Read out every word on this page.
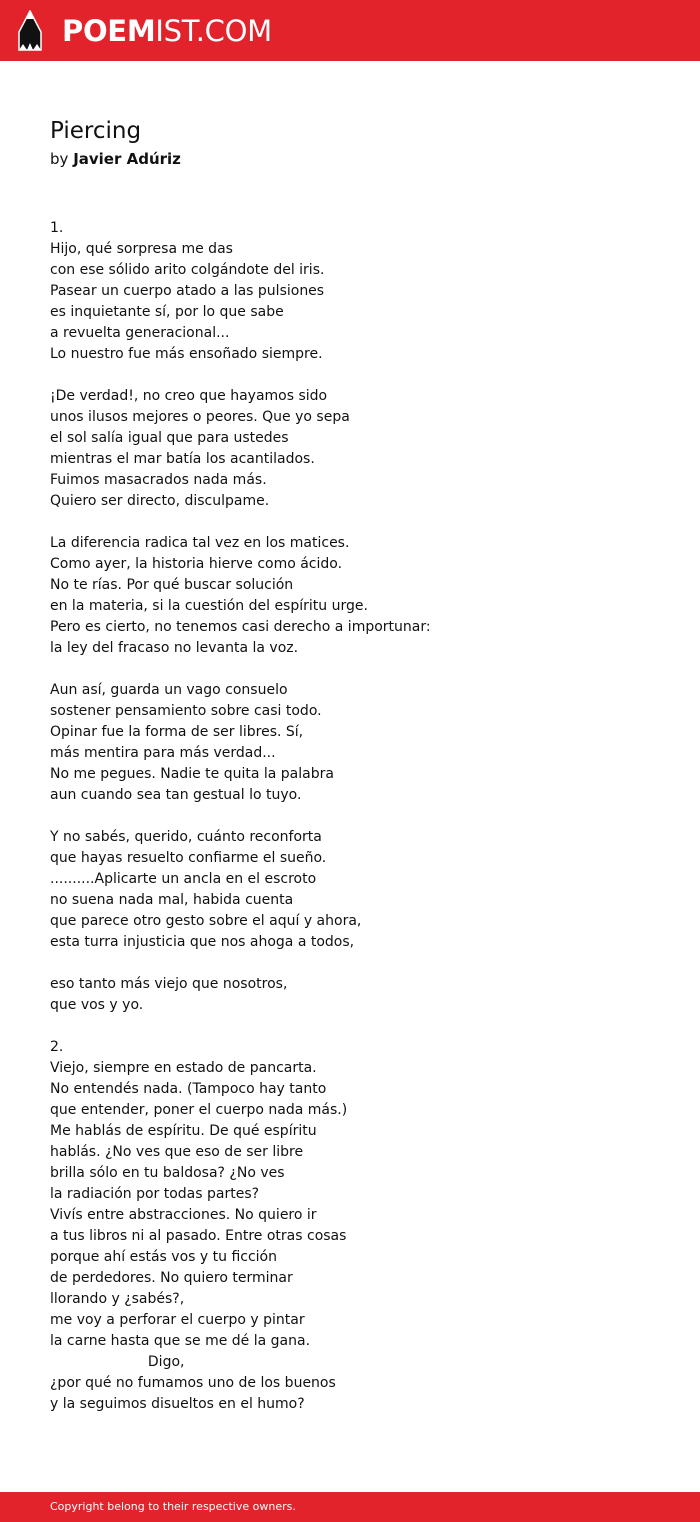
POEMIST.COM
Piercing
by Javier Adúriz
1.
Hijo, qué sorpresa me das
con ese sólido arito colgándote del iris.
Pasear un cuerpo atado a las pulsiones
es inquietante sí, por lo que sabe
a revuelta generacional...
Lo nuestro fue más ensoñado siempre.

¡De verdad!, no creo que hayamos sido
unos ilusos mejores o peores. Que yo sepa
el sol salía igual que para ustedes
mientras el mar batía los acantilados.
Fuimos masacrados nada más.
Quiero ser directo, disculpame.

La diferencia radica tal vez en los matices.
Como ayer, la historia hierve como ácido.
No te rías. Por qué buscar solución
en la materia, si la cuestión del espíritu urge.
Pero es cierto, no tenemos casi derecho a importunar:
la ley del fracaso no levanta la voz.

Aun así, guarda un vago consuelo
sostener pensamiento sobre casi todo.
Opinar fue la forma de ser libres. Sí,
más mentira para más verdad...
No me pegues. Nadie te quita la palabra
aun cuando sea tan gestual lo tuyo.

Y no sabés, querido, cuánto reconforta
que hayas resuelto confiarme el sueño.
..........Aplicarte un ancla en el escroto
no suena nada mal, habida cuenta
que parece otro gesto sobre el aquí y ahora,
esta turra injusticia que nos ahoga a todos,

eso tanto más viejo que nosotros,
que vos y yo.

2.
Viejo, siempre en estado de pancarta.
No entendés nada. (Tampoco hay tanto
que entender, poner el cuerpo nada más.)
Me hablás de espíritu. De qué espíritu
hablás. ¿No ves que eso de ser libre
brilla sólo en tu baldosa? ¿No ves
la radiación por todas partes?
Vivís entre abstracciones. No quiero ir
a tus libros ni al pasado. Entre otras cosas
porque ahí estás vos y tu ficción
de perdedores. No quiero terminar
llorando y ¿sabés?,
me voy a perforar el cuerpo y pintar
la carne hasta que se me dé la gana.
Digo,
¿por qué no fumamos uno de los buenos
y la seguimos disueltos en el humo?
Copyright belong to their respective owners.
